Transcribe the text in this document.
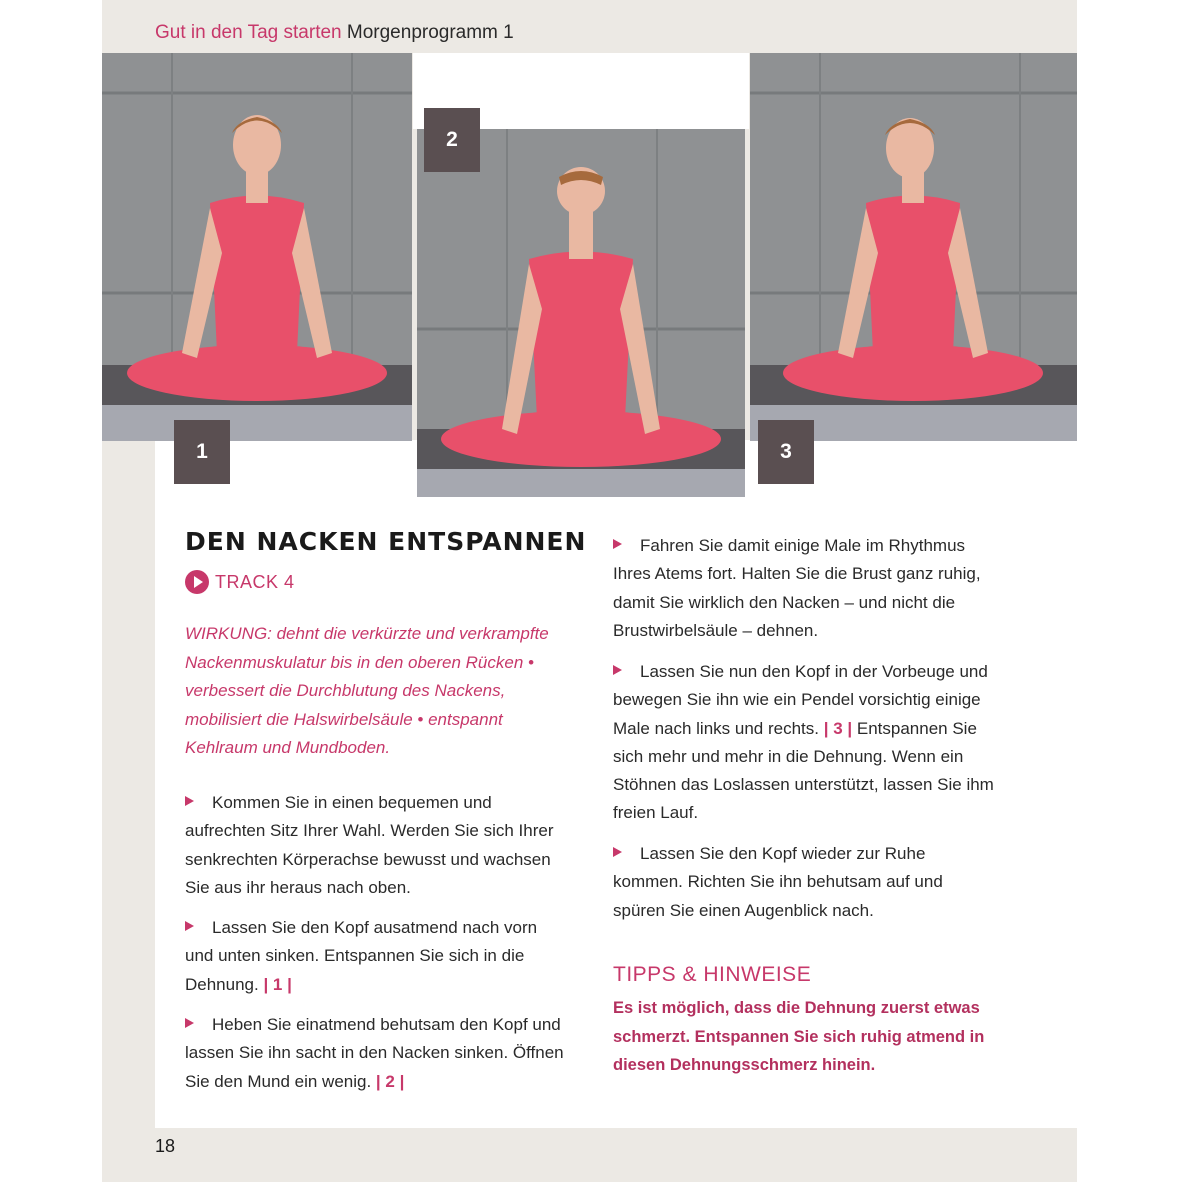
Gut in den Tag starten Morgenprogramm 1
1
2
3
DEN NACKEN ENTSPANNEN
TRACK 4
WIRKUNG: dehnt die verkürzte und verkrampfte Nackenmuskulatur bis in den oberen Rücken • verbessert die Durchblutung des Nackens, mobilisiert die Halswirbelsäule • entspannt Kehlraum und Mundboden.
Kommen Sie in einen bequemen und aufrechten Sitz Ihrer Wahl. Werden Sie sich Ihrer senkrechten Körperachse bewusst und wachsen Sie aus ihr heraus nach oben.
Lassen Sie den Kopf ausatmend nach vorn und unten sinken. Entspannen Sie sich in die Dehnung. | 1 |
Heben Sie einatmend behutsam den Kopf und lassen Sie ihn sacht in den Nacken sinken. Öffnen Sie den Mund ein wenig. | 2 |
Fahren Sie damit einige Male im Rhythmus Ihres Atems fort. Halten Sie die Brust ganz ruhig, damit Sie wirklich den Nacken – und nicht die Brustwirbelsäule – dehnen.
Lassen Sie nun den Kopf in der Vorbeuge und bewegen Sie ihn wie ein Pendel vorsichtig einige Male nach links und rechts. | 3 | Entspannen Sie sich mehr und mehr in die Dehnung. Wenn ein Stöhnen das Loslassen unterstützt, lassen Sie ihm freien Lauf.
Lassen Sie den Kopf wieder zur Ruhe kommen. Richten Sie ihn behutsam auf und spüren Sie einen Augenblick nach.
TIPPS & HINWEISE
Es ist möglich, dass die Dehnung zuerst etwas schmerzt. Entspannen Sie sich ruhig atmend in diesen Dehnungsschmerz hinein.
18
